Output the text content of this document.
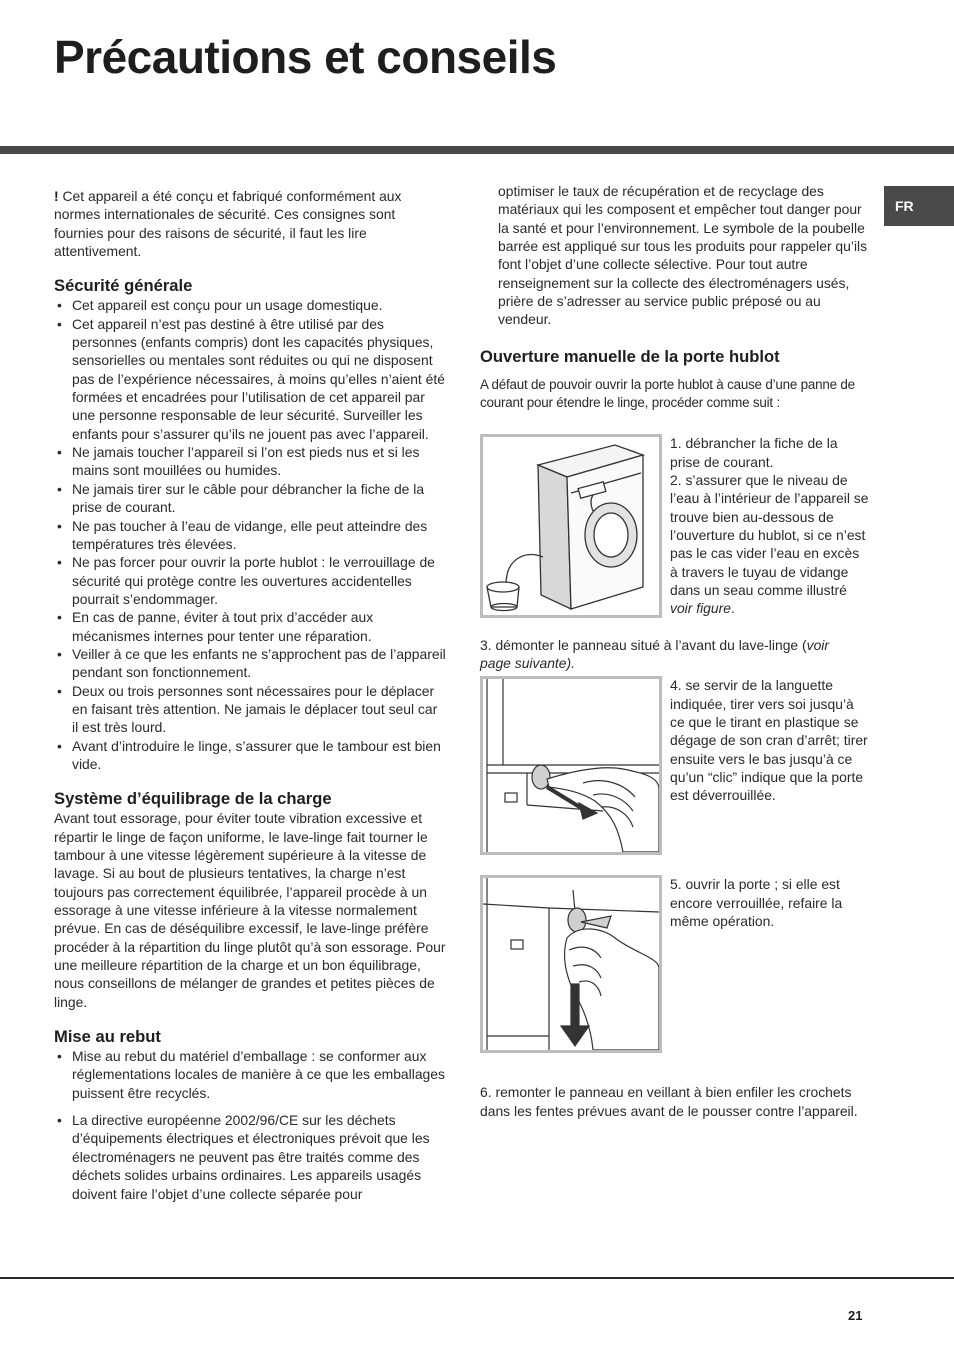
Précautions et conseils
FR

! Cet appareil a été conçu et fabriqué conformément aux normes internationales de sécurité. Ces consignes sont fournies pour des raisons de sécurité, il faut les lire attentivement.

Sécurité générale
• Cet appareil est conçu pour un usage domestique.
• Cet appareil n’est pas destiné à être utilisé par des personnes (enfants compris) dont les capacités physiques, sensorielles ou mentales sont réduites ou qui ne disposent pas de l’expérience nécessaires, à moins qu’elles n’aient été formées et encadrées pour l’utilisation de cet appareil par une personne responsable de leur sécurité. Surveiller les enfants pour s’assurer qu’ils ne jouent pas avec l’appareil.
• Ne jamais toucher l’appareil si l’on est pieds nus et si les mains sont mouillées ou humides.
• Ne jamais tirer sur le câble pour débrancher la fiche de la prise de courant.
• Ne pas toucher à l’eau de vidange, elle peut atteindre des températures très élevées.
• Ne pas forcer pour ouvrir la porte hublot : le verrouillage de sécurité qui protège contre les ouvertures accidentelles pourrait s’endommager.
• En cas de panne, éviter à tout prix d’accéder aux mécanismes internes pour tenter une réparation.
• Veiller à ce que les enfants ne s’approchent pas de l’appareil pendant son fonctionnement.
• Deux ou trois personnes sont nécessaires pour le déplacer en faisant très attention. Ne jamais le déplacer tout seul car il est très lourd.
• Avant d’introduire le linge, s’assurer que le tambour est bien vide.
Système d’équilibrage de la charge

Avant tout essorage, pour éviter toute vibration excessive et répartir le linge de façon uniforme, le lave-linge fait tourner le tambour à une vitesse légèrement supérieure à la vitesse de lavage. Si au bout de plusieurs tentatives, la charge n’est toujours pas correctement équilibrée, l’appareil procède à un essorage à une vitesse inférieure à la vitesse normalement prévue. En cas de déséquilibre excessif, le lave-linge préfère procéder à la répartition du linge plutôt qu’à son essorage. Pour une meilleure répartition de la charge et un bon équilibrage, nous conseillons de mélanger de grandes et petites pièces de linge.

Mise au rebut
• Mise au rebut du matériel d’emballage : se conformer aux réglementations locales de manière à ce que les emballages puissent être recyclés.
• La directive européenne 2002/96/CE sur les déchets d’équipements électriques et électroniques prévoit que les électroménagers ne peuvent pas être traités comme des déchets solides urbains ordinaires. Les appareils usagés doivent faire l’objet d’une collecte séparée pour

optimiser le taux de récupération et de recyclage des matériaux qui les composent et empêcher tout danger pour la santé et pour l’environnement. Le symbole de la poubelle barrée est appliqué sur tous les produits pour rappeler qu’ils font l’objet d’une collecte sélective. Pour tout autre renseignement sur la collecte des électroménagers usés, prière de s’adresser au service public préposé ou au vendeur.

Ouverture manuelle de la porte hublot

A défaut de pouvoir ouvrir la porte hublot à cause d’une panne de courant pour étendre le linge, procéder comme suit :

1. débrancher la fiche de la prise de courant.

2. s’assurer que le niveau de l’eau à l’intérieur de l’appareil se trouve bien au-dessous de l’ouverture du hublot, si ce n’est pas le cas vider l’eau en excès à travers le tuyau de vidange dans un seau comme illustré voir figure.

3. démonter le panneau situé à l’avant du lave-linge (voir
page suivante).

4. se servir de la languette indiquée, tirer vers soi jusqu’à ce que le tirant en plastique se dégage de son cran d’arrêt; tirer ensuite vers le bas jusqu’à ce qu’un “clic” indique que la porte est déverrouillée.

5. ouvrir la porte ; si elle est encore verrouillée, refaire la même opération.

6. remonter le panneau en veillant à bien enfiler les crochets dans les fentes prévues avant de le pousser contre l’appareil.

21
